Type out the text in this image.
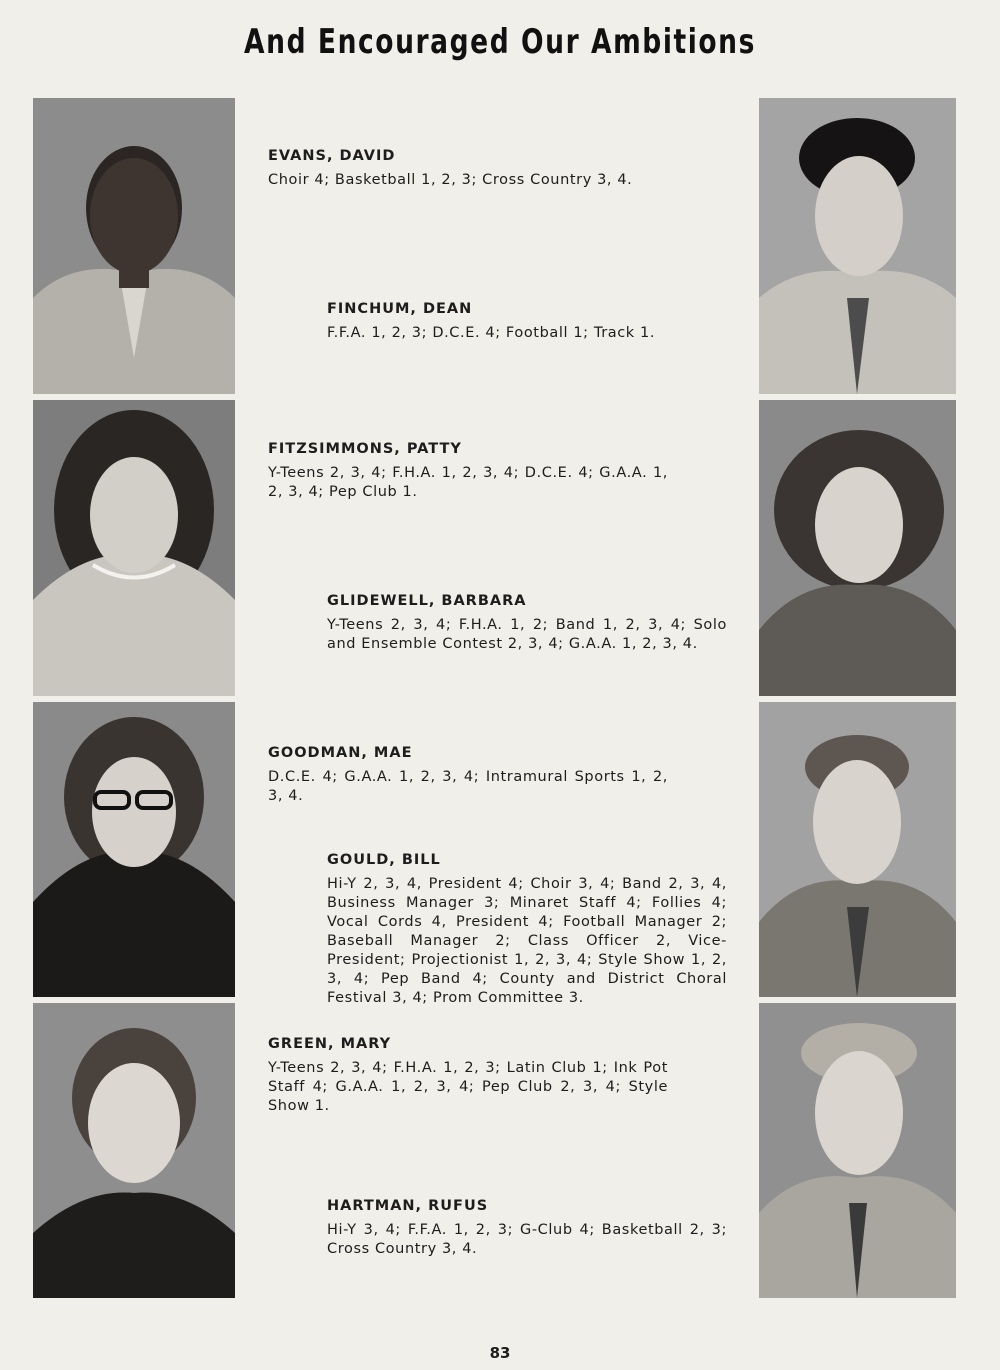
And Encouraged Our Ambitions
EVANS, DAVID
Choir 4; Basketball 1, 2, 3; Cross Country 3, 4.
FINCHUM, DEAN
F.F.A. 1, 2, 3; D.C.E. 4; Football 1; Track 1.
FITZSIMMONS, PATTY
Y-Teens 2, 3, 4; F.H.A. 1, 2, 3, 4; D.C.E. 4; G.A.A. 1, 2, 3, 4; Pep Club 1.
GLIDEWELL, BARBARA
Y-Teens 2, 3, 4; F.H.A. 1, 2; Band 1, 2, 3, 4; Solo and Ensemble Contest 2, 3, 4; G.A.A. 1, 2, 3, 4.
GOODMAN, MAE
D.C.E. 4; G.A.A. 1, 2, 3, 4; Intramural Sports 1, 2, 3, 4.
GOULD, BILL
Hi-Y 2, 3, 4, President 4; Choir 3, 4; Band 2, 3, 4, Business Manager 3; Minaret Staff 4; Follies 4; Vocal Cords 4, President 4; Football Manager 2; Baseball Manager 2; Class Officer 2, Vice-President; Projectionist 1, 2, 3, 4; Style Show 1, 2, 3, 4; Pep Band 4; County and District Choral Festival 3, 4; Prom Committee 3.
GREEN, MARY
Y-Teens 2, 3, 4; F.H.A. 1, 2, 3; Latin Club 1; Ink Pot Staff 4; G.A.A. 1, 2, 3, 4; Pep Club 2, 3, 4; Style Show 1.
HARTMAN, RUFUS
Hi-Y 3, 4; F.F.A. 1, 2, 3; G-Club 4; Basketball 2, 3; Cross Country 3, 4.
83
